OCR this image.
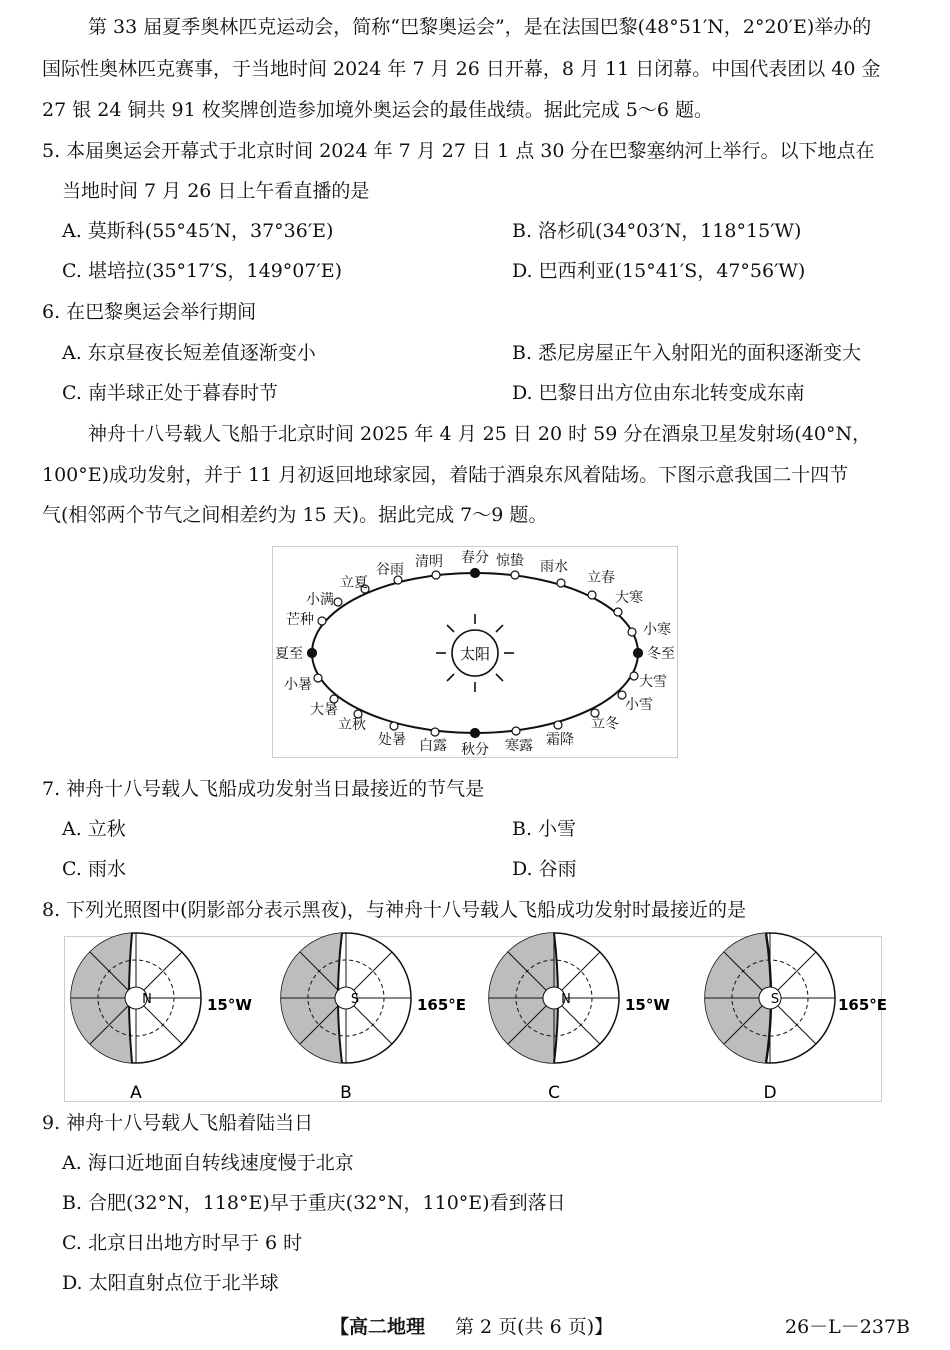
第 33 届夏季奥林匹克运动会，简称“巴黎奥运会”，是在法国巴黎(48°51′N，2°20′E)举办的
国际性奥林匹克赛事，于当地时间 2024 年 7 月 26 日开幕，8 月 11 日闭幕。中国代表团以 40 金
27 银 24 铜共 91 枚奖牌创造参加境外奥运会的最佳战绩。据此完成 5～6 题。
5. 本届奥运会开幕式于北京时间 2024 年 7 月 27 日 1 点 30 分在巴黎塞纳河上举行。以下地点在
当地时间 7 月 26 日上午看直播的是
A. 莫斯科(55°45′N，37°36′E)	B. 洛杉矶(34°03′N，118°15′W)
C. 堪培拉(35°17′S，149°07′E)	D. 巴西利亚(15°41′S，47°56′W)
6. 在巴黎奥运会举行期间
A. 东京昼夜长短差值逐渐变小	B. 悉尼房屋正午入射阳光的面积逐渐变大
C. 南半球正处于暮春时节	D. 巴黎日出方位由东北转变成东南
神舟十八号载人飞船于北京时间 2025 年 4 月 25 日 20 时 59 分在酒泉卫星发射场(40°N，
100°E)成功发射，并于 11 月初返回地球家园，着陆于酒泉东风着陆场。下图示意我国二十四节
气(相邻两个节气之间相差约为 15 天)。据此完成 7～9 题。
太阳
春分
清明
谷雨
立夏
小满
芒种
夏至
小暑
大暑
立秋
处暑 白露 秋分 寒露 霜降
立冬
小雪
大雪
冬至
小寒
大寒
立春
雨水
惊蛰
7. 神舟十八号载人飞船成功发射当日最接近的节气是
A. 立秋	B. 小雪
C. 雨水	D. 谷雨
8. 下列光照图中(阴影部分表示黑夜)，与神舟十八号载人飞船成功发射时最接近的是
N	15°W
A
S	165°E
B
N	15°W
C
S	165°E
D
9. 神舟十八号载人飞船着陆当日
A. 海口近地面自转线速度慢于北京
B. 合肥(32°N，118°E)早于重庆(32°N，110°E)看到落日
C. 北京日出地方时早于 6 时
D. 太阳直射点位于北半球
【高二地理 第 2 页(共 6 页)】	26－L－237B
